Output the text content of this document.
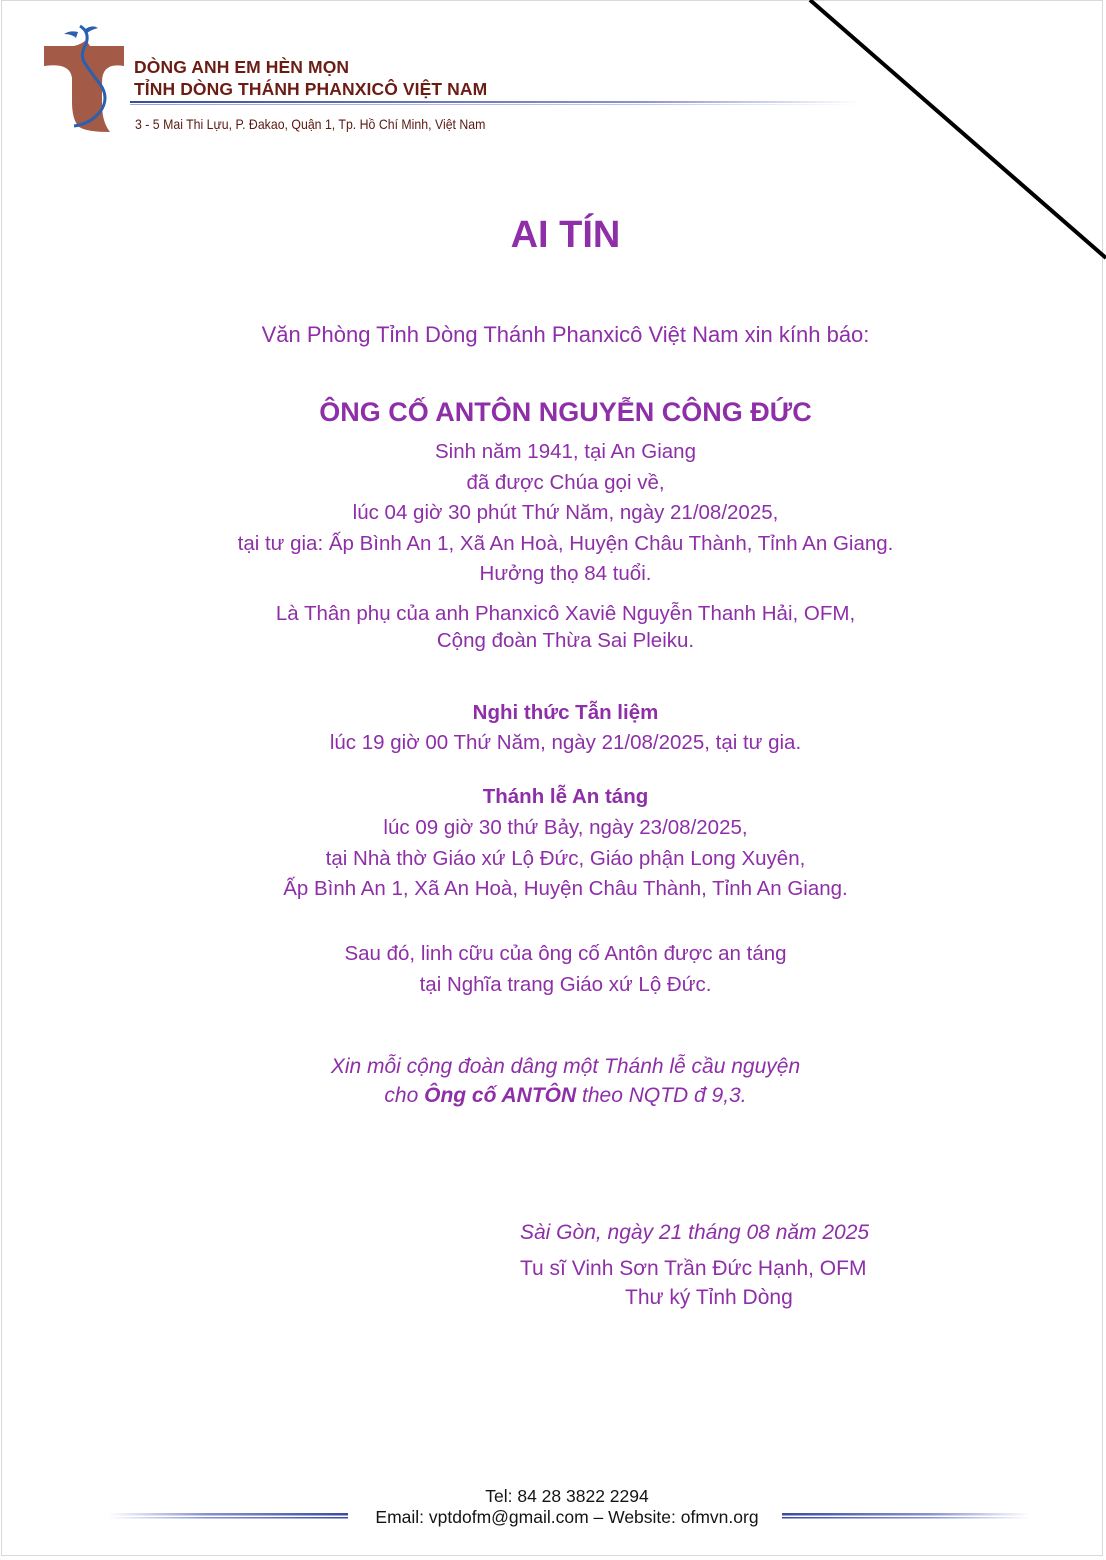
DÒNG ANH EM HÈN MỌN
TỈNH DÒNG THÁNH PHANXICÔ VIỆT NAM
3 - 5 Mai Thi Lựu, P. Đakao, Quận 1, Tp. Hồ Chí Minh, Việt Nam
AI TÍN
Văn Phòng Tỉnh Dòng Thánh Phanxicô Việt Nam xin kính báo:
ÔNG CỐ ANTÔN NGUYỄN CÔNG ĐỨC
Sinh năm 1941, tại An Giang
đã được Chúa gọi về,
lúc 04 giờ 30 phút Thứ Năm, ngày 21/08/2025,
tại tư gia: Ấp Bình An 1, Xã An Hoà, Huyện Châu Thành, Tỉnh An Giang.
Hưởng thọ 84 tuổi.
Là Thân phụ của anh Phanxicô Xaviê Nguyễn Thanh Hải, OFM,
Cộng đoàn Thừa Sai Pleiku.
Nghi thức Tẫn liệm
lúc 19 giờ 00 Thứ Năm, ngày 21/08/2025, tại tư gia.
Thánh lễ An táng
lúc 09 giờ 30 thứ Bảy, ngày 23/08/2025,
tại Nhà thờ Giáo xứ Lộ Đức, Giáo phận Long Xuyên,
Ấp Bình An 1, Xã An Hoà, Huyện Châu Thành, Tỉnh An Giang.
Sau đó, linh cữu của ông cố Antôn được an táng
tại Nghĩa trang Giáo xứ Lộ Đức.
Xin mỗi cộng đoàn dâng một Thánh lễ cầu nguyện
cho Ông cố ANTÔN theo NQTD đ 9,3.
Sài Gòn, ngày 21 tháng 08 năm 2025
Tu sĩ Vinh Sơn Trần Đức Hạnh, OFM
Thư ký Tỉnh Dòng
Tel: 84 28 3822 2294
Email: vptdofm@gmail.com – Website: ofmvn.org
